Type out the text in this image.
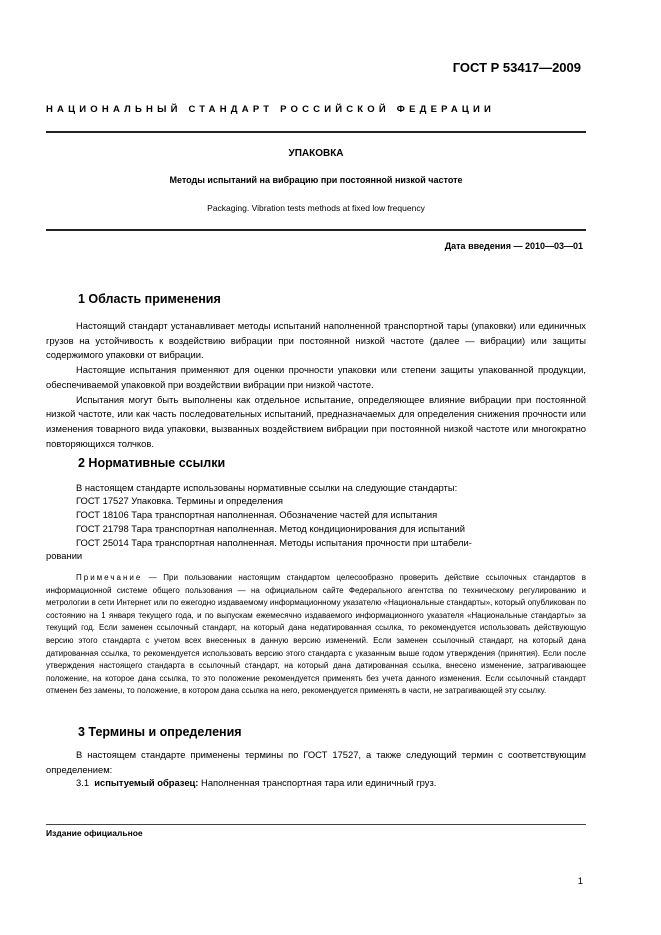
ГОСТ Р 53417—2009
НАЦИОНАЛЬНЫЙ СТАНДАРТ РОССИЙСКОЙ ФЕДЕРАЦИИ
УПАКОВКА
Методы испытаний на вибрацию при постоянной низкой частоте
Packaging. Vibration tests methods at fixed low frequency
Дата введения — 2010—03—01
1 Область применения

Настоящий стандарт устанавливает методы испытаний наполненной транспортной тары (упаковки) или единичных грузов на устойчивость к воздействию вибрации при постоянной низкой частоте (далее — вибрации) или защиты содержимого упаковки от вибрации.

Настоящие испытания применяют для оценки прочности упаковки или степени защиты упакованной продукции, обеспечиваемой упаковкой при воздействии вибрации при низкой частоте.

Испытания могут быть выполнены как отдельное испытание, определяющее влияние вибрации при постоянной низкой частоте, или как часть последовательных испытаний, предназначаемых для определения снижения прочности или изменения товарного вида упаковки, вызванных воздействием вибрации при постоянной низкой частоте или многократно повторяющихся толчков.

2 Нормативные ссылки
В настоящем стандарте использованы нормативные ссылки на следующие стандарты:
ГОСТ 17527 Упаковка. Термины и определения
ГОСТ 18106 Тара транспортная наполненная. Обозначение частей для испытания
ГОСТ 21798 Тара транспортная наполненная. Метод кондиционирования для испытаний
ГОСТ 25014 Тара транспортная наполненная. Методы испытания прочности при штабели-
ровании
Примечание — При пользовании настоящим стандартом целесообразно проверить действие ссылочных стандартов в информационной системе общего пользования — на официальном сайте Федерального агентства по техническому регулированию и метрологии в сети Интернет или по ежегодно издаваемому информационному указателю «Национальные стандарты», который опубликован по состоянию на 1 января текущего года, и по выпускам ежемесячно издаваемого информационного указателя «Национальные стандарты» за текущий год. Если заменен ссылочный стандарт, на который дана недатированная ссылка, то рекомендуется использовать действующую версию этого стандарта с учетом всех внесенных в данную версию изменений. Если заменен ссылочный стандарт, на который дана датированная ссылка, то рекомендуется использовать версию этого стандарта с указанным выше годом утверждения (принятия). Если после утверждения настоящего стандарта в ссылочный стандарт, на который дана датированная ссылка, внесено изменение, затрагивающее положение, на которое дана ссылка, то это положение рекомендуется применять без учета данного изменения. Если ссылочный стандарт отменен без замены, то положение, в котором дана ссылка на него, рекомендуется применять в части, не затрагивающей эту ссылку.
3 Термины и определения
В настоящем стандарте применены термины по ГОСТ 17527, а также следующий термин с соответствующим определением:
3.1 испытуемый образец: Наполненная транспортная тара или единичный груз.
Издание официальное
1
